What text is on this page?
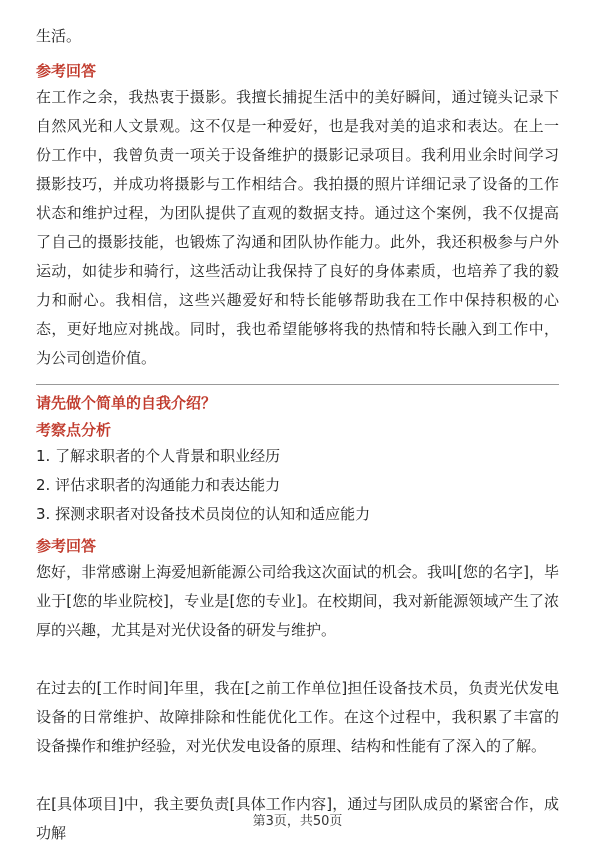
生活。

参考回答

在工作之余，我热衷于摄影。我擅长捕捉生活中的美好瞬间，通过镜头记录下自然风光和人文景观。这不仅是一种爱好，也是我对美的追求和表达。在上一份工作中，我曾负责一项关于设备维护的摄影记录项目。我利用业余时间学习摄影技巧，并成功将摄影与工作相结合。我拍摄的照片详细记录了设备的工作状态和维护过程，为团队提供了直观的数据支持。通过这个案例，我不仅提高了自己的摄影技能，也锻炼了沟通和团队协作能力。此外，我还积极参与户外运动，如徒步和骑行，这些活动让我保持了良好的身体素质，也培养了我的毅力和耐心。我相信，这些兴趣爱好和特长能够帮助我在工作中保持积极的心态，更好地应对挑战。同时，我也希望能够将我的热情和特长融入到工作中，为公司创造价值。

请先做个简单的自我介绍？

考察点分析

1. 了解求职者的个人背景和职业经历
2. 评估求职者的沟通能力和表达能力
3. 探测求职者对设备技术员岗位的认知和适应能力

参考回答

您好，非常感谢上海爱旭新能源公司给我这次面试的机会。我叫[您的名字]，毕业于[您的毕业院校]，专业是[您的专业]。在校期间，我对新能源领域产生了浓厚的兴趣，尤其是对光伏设备的研发与维护。

在过去的[工作时间]年里，我在[之前工作单位]担任设备技术员，负责光伏发电设备的日常维护、故障排除和性能优化工作。在这个过程中，我积累了丰富的设备操作和维护经验，对光伏发电设备的原理、结构和性能有了深入的了解。

在[具体项目]中，我主要负责[具体工作内容]，通过与团队成员的紧密合作，成功解

第3页，共50页
